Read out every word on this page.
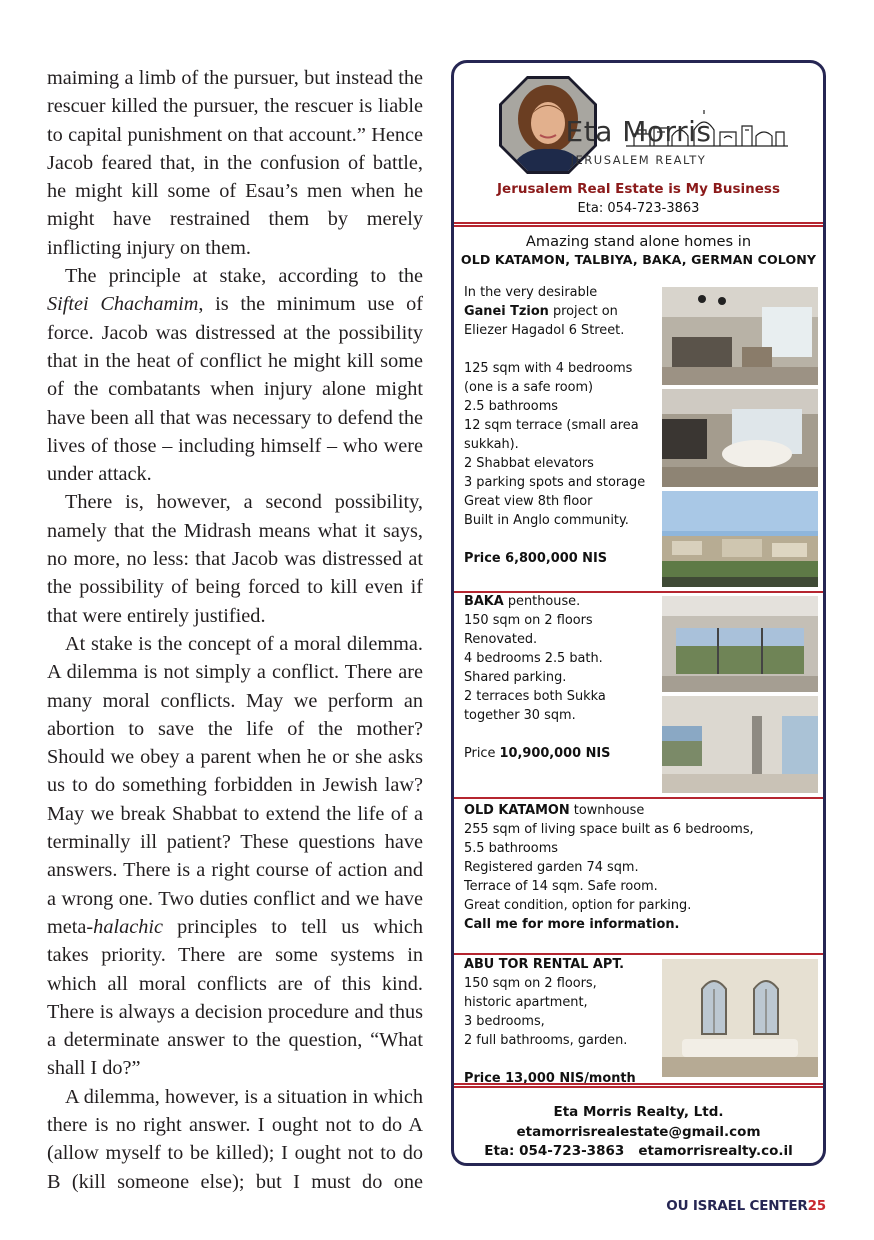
maiming a limb of the pursuer, but instead the rescuer killed the pursuer, the rescuer is liable to capital punishment on that account.” Hence Jacob feared that, in the confusion of battle, he might kill some of Esau’s men when he might have restrained them by merely inflicting injury on them.

The principle at stake, according to the Siftei Chachamim, is the minimum use of force. Jacob was distressed at the possibility that in the heat of conflict he might kill some of the combatants when injury alone might have been all that was necessary to defend the lives of those – including himself – who were under attack.

There is, however, a second possibility, namely that the Midrash means what it says, no more, no less: that Jacob was distressed at the possibility of being forced to kill even if that were entirely justified.

At stake is the concept of a moral dilemma. A dilemma is not simply a conflict. There are many moral conflicts. May we perform an abortion to save the life of the mother? Should we obey a parent when he or she asks us to do something forbidden in Jewish law? May we break Shabbat to extend the life of a terminally ill patient? These questions have answers. There is a right course of action and a wrong one. Two duties conflict and we have meta-halachic principles to tell us which takes priority. There are some systems in which all moral conflicts are of this kind. There is always a decision procedure and thus a determinate answer to the question, “What shall I do?”

A dilemma, however, is a situation in which there is no right answer. I ought not to do A (allow myself to be killed); I ought not to do B (kill someone else); but I must do one

Eta Morris
JERUSALEM REALTY
Jerusalem Real Estate is My Business
Eta: 054-723-3863
Amazing stand alone homes in
OLD KATAMON, TALBIYA, BAKA, GERMAN COLONY
In the very desirable
Ganei Tzion project on
Eliezer Hagadol 6 Street.
125 sqm with 4 bedrooms
(one is a safe room)
2.5 bathrooms
12 sqm terrace (small area
sukkah).
2 Shabbat elevators
3 parking spots and storage
Great view 8th floor
Built in Anglo community.
Price 6,800,000 NIS
BAKA penthouse.
150 sqm on 2 floors
Renovated.
4 bedrooms 2.5 bath.
Shared parking.
2 terraces both Sukka
together 30 sqm.
Price 10,900,000 NIS
OLD KATAMON townhouse
255 sqm of living space built as 6 bedrooms,
5.5 bathrooms
Registered garden 74 sqm.
Terrace of 14 sqm. Safe room.
Great condition, option for parking.
Call me for more information.
ABU TOR RENTAL APT.
150 sqm on 2 floors,
historic apartment,
3 bedrooms,
2 full bathrooms, garden.
Price 13,000 NIS/month
Eta Morris Realty, Ltd.
etamorrisrealestate@gmail.com
Eta: 054-723-3863   etamorrisrealty.co.il
OU ISRAEL CENTER25
